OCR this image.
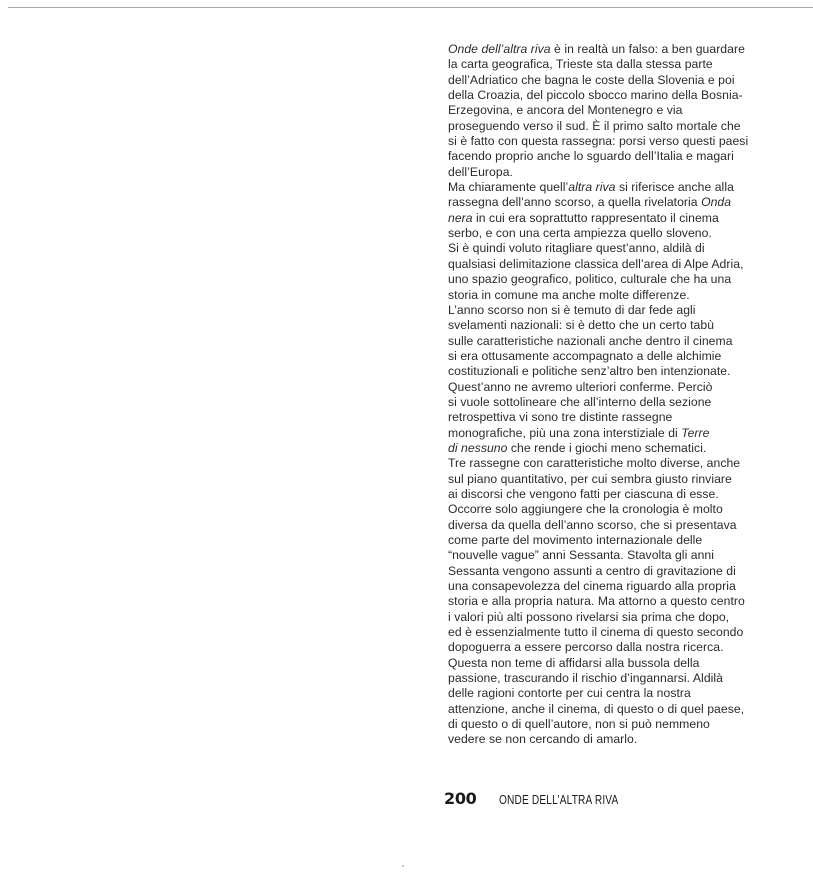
Onde dell’altra riva è in realtà un falso: a ben guardare
la carta geografica, Trieste sta dalla stessa parte
dell’Adriatico che bagna le coste della Slovenia e poi
della Croazia, del piccolo sbocco marino della Bosnia-
Erzegovina, e ancora del Montenegro e via
proseguendo verso il sud. È il primo salto mortale che
si è fatto con questa rassegna: porsi verso questi paesi
facendo proprio anche lo sguardo dell’Italia e magari
dell’Europa.
Ma chiaramente quell’altra riva si riferisce anche alla
rassegna dell’anno scorso, a quella rivelatoria Onda
nera in cui era soprattutto rappresentato il cinema
serbo, e con una certa ampiezza quello sloveno.
Si è quindi voluto ritagliare quest’anno, aldilà di
qualsiasi delimitazione classica dell’area di Alpe Adria,
uno spazio geografico, politico, culturale che ha una
storia in comune ma anche molte differenze.
L’anno scorso non si è temuto di dar fede agli
svelamenti nazionali: si è detto che un certo tabù
sulle caratteristiche nazionali anche dentro il cinema
si era ottusamente accompagnato a delle alchimie
costituzionali e politiche senz’altro ben intenzionate.
Quest’anno ne avremo ulteriori conferme. Perciò
si vuole sottolineare che all’interno della sezione
retrospettiva vi sono tre distinte rassegne
monografiche, più una zona interstiziale di Terre
di nessuno che rende i giochi meno schematici.
Tre rassegne con caratteristiche molto diverse, anche
sul piano quantitativo, per cui sembra giusto rinviare
ai discorsi che vengono fatti per ciascuna di esse.
Occorre solo aggiungere che la cronologia è molto
diversa da quella dell’anno scorso, che si presentava
come parte del movimento internazionale delle
“nouvelle vague” anni Sessanta. Stavolta gli anni
Sessanta vengono assunti a centro di gravitazione di
una consapevolezza del cinema riguardo alla propria
storia e alla propria natura. Ma attorno a questo centro
i valori più alti possono rivelarsi sia prima che dopo,
ed è essenzialmente tutto il cinema di questo secondo
dopoguerra a essere percorso dalla nostra ricerca.
Questa non teme di affidarsi alla bussola della
passione, trascurando il rischio d’ingannarsi. Aldilà
delle ragioni contorte per cui centra la nostra
attenzione, anche il cinema, di questo o di quel paese,
di questo o di quell’autore, non si può nemmeno
vedere se non cercando di amarlo.
200 ONDE DELL’ALTRA RIVA
